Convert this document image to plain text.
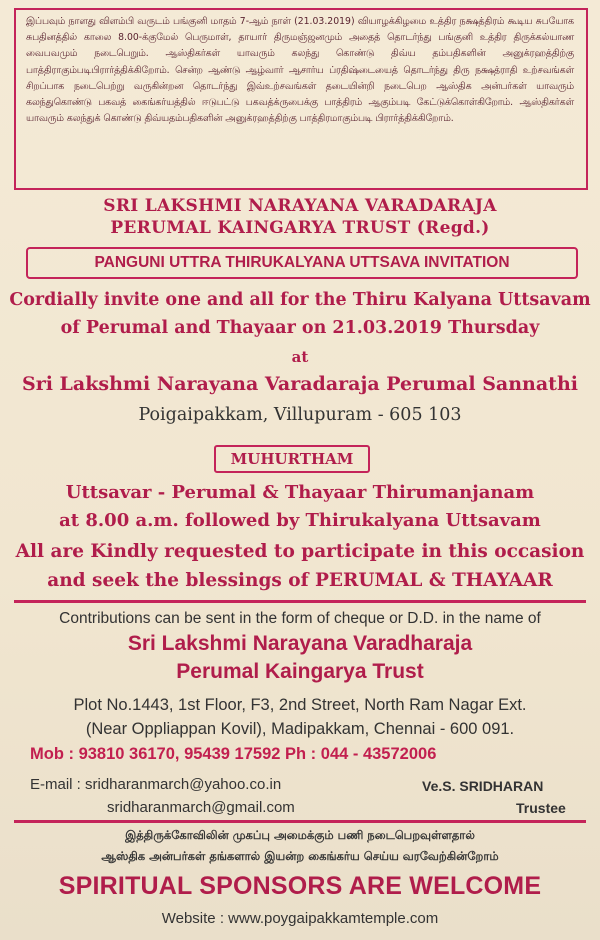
இப்பவும் நாளது விளம்பி வருடம் பங்குனி மாதம் 7-ஆம் நாள் (21.03.2019) வியாழக்கிழமை உத்திர நக்ஷத்திரம் கூடிய சுபயோக சுபதினத்தில் காலை 8.00-க்குமேல் பெருமாள், தாயார் திருமஞ்ஜனமும் அதைத் தொடர்ந்து பங்குனி உத்திர திருக்கல்யாண வைபவமும் நடைபெறும். ஆஸ்திகர்கள் யாவரும் கலந்து கொண்டு திவ்ய தம்பதிகளின் அனுக்ரஹத்திற்கு பாத்திராகும்படிபிரார்த்திக்கிறோம். சென்ற ஆண்டு ஆழ்வார் ஆசார்ய ப்ரதிஷ்டையைத் தொடர்ந்து திரு நக்ஷத்ராதி உற்சவங்கள் சிறப்பாக நடைபெற்று வருகின்றன தொடர்ந்து இவ்உற்சவங்கள் தடையின்றி நடைபெற ஆஸ்திக அன்பர்கள் யாவரும் கலந்துகொண்டு பகவத் கைங்கர்யத்தில் ஈடுபட்டு பகவத்க்ருபைக்கு பாத்திரம் ஆகும்படி கேட்டுக்கொள்கிறோம். ஆஸ்திகர்கள் யாவரும் கலந்துக் கொண்டு திவ்யதம்பதிகளின் அனுக்ரஹத்திற்கு பாத்திரமாகும்படி பிரார்த்திக்கிறோம்.
SRI LAKSHMI NARAYANA VARADARAJA
PERUMAL KAINGARYA TRUST (Regd.)
PANGUNI UTTRA THIRUKALYANA UTTSAVA INVITATION
Cordially invite one and all for the Thiru Kalyana Uttsavam
of Perumal and Thayaar on 21.03.2019 Thursday
at
Sri Lakshmi Narayana Varadaraja Perumal Sannathi
Poigaipakkam, Villupuram - 605 103
MUHURTHAM
Uttsavar - Perumal & Thayaar Thirumanjanam
at 8.00 a.m. followed by Thirukalyana Uttsavam
All are Kindly requested to participate in this occasion
and seek the blessings of PERUMAL & THAYAAR
Contributions can be sent in the form of cheque or D.D. in the name of
Sri Lakshmi Narayana Varadharaja
Perumal Kaingarya Trust
Plot No.1443, 1st Floor, F3, 2nd Street, North Ram Nagar Ext.
(Near Oppliappan Kovil), Madipakkam, Chennai - 600 091.
Mob : 93810 36170, 95439 17592 Ph : 044 - 43572006
E-mail : sridharanmarch@yahoo.co.in
sridharanmarch@gmail.com
Ve.S. SRIDHARAN
Trustee
இத்திருக்கோவிலின் முகப்பு அமைக்கும் பணி நடைபெறவுள்ளதால்
ஆஸ்திக அன்பர்கள் தங்களால் இயன்ற கைங்கர்ய செய்ய வரவேற்கின்றோம்
SPIRITUAL SPONSORS ARE WELCOME
Website : www.poygaipakkamtemple.com
